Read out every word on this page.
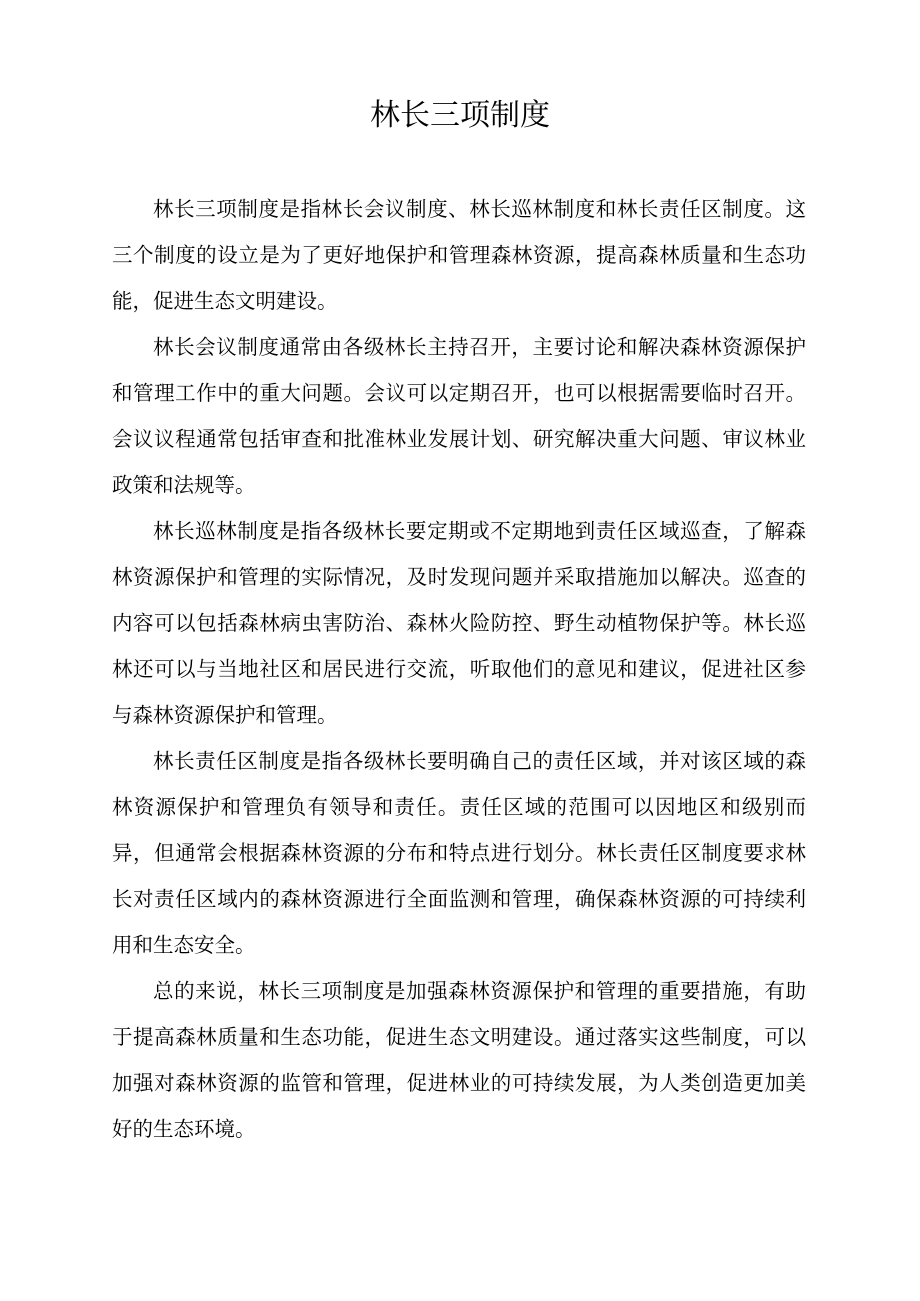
林长三项制度

林长三项制度是指林长会议制度、林长巡林制度和林长责任区制度。这三个制度的设立是为了更好地保护和管理森林资源，提高森林质量和生态功能，促进生态文明建设。

林长会议制度通常由各级林长主持召开，主要讨论和解决森林资源保护和管理工作中的重大问题。会议可以定期召开，也可以根据需要临时召开。会议议程通常包括审查和批准林业发展计划、研究解决重大问题、审议林业政策和法规等。

林长巡林制度是指各级林长要定期或不定期地到责任区域巡查，了解森林资源保护和管理的实际情况，及时发现问题并采取措施加以解决。巡查的内容可以包括森林病虫害防治、森林火险防控、野生动植物保护等。林长巡林还可以与当地社区和居民进行交流，听取他们的意见和建议，促进社区参与森林资源保护和管理。

林长责任区制度是指各级林长要明确自己的责任区域，并对该区域的森林资源保护和管理负有领导和责任。责任区域的范围可以因地区和级别而异，但通常会根据森林资源的分布和特点进行划分。林长责任区制度要求林长对责任区域内的森林资源进行全面监测和管理，确保森林资源的可持续利用和生态安全。

总的来说，林长三项制度是加强森林资源保护和管理的重要措施，有助于提高森林质量和生态功能，促进生态文明建设。通过落实这些制度，可以加强对森林资源的监管和管理，促进林业的可持续发展，为人类创造更加美好的生态环境。
